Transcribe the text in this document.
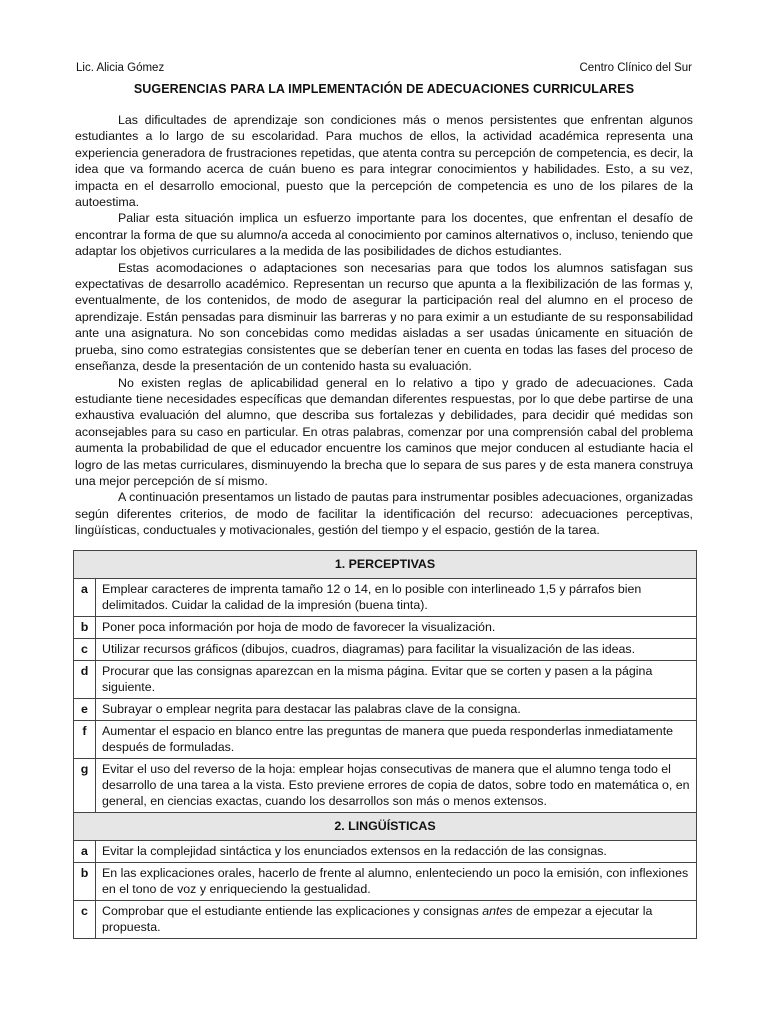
Lic. Alicia Gómez	Centro Clínico del Sur
SUGERENCIAS PARA LA IMPLEMENTACIÓN DE ADECUACIONES CURRICULARES

Las dificultades de aprendizaje son condiciones más o menos persistentes que enfrentan algunos estudiantes a lo largo de su escolaridad. Para muchos de ellos, la actividad académica representa una experiencia generadora de frustraciones repetidas, que atenta contra su percepción de competencia, es decir, la idea que va formando acerca de cuán bueno es para integrar conocimientos y habilidades. Esto, a su vez, impacta en el desarrollo emocional, puesto que la percepción de competencia es uno de los pilares de la autoestima.

Paliar esta situación implica un esfuerzo importante para los docentes, que enfrentan el desafío de encontrar la forma de que su alumno/a acceda al conocimiento por caminos alternativos o, incluso, teniendo que adaptar los objetivos curriculares a la medida de las posibilidades de dichos estudiantes.

Estas acomodaciones o adaptaciones son necesarias para que todos los alumnos satisfagan sus expectativas de desarrollo académico. Representan un recurso que apunta a la flexibilización de las formas y, eventualmente, de los contenidos, de modo de asegurar la participación real del alumno en el proceso de aprendizaje. Están pensadas para disminuir las barreras y no para eximir a un estudiante de su responsabilidad ante una asignatura. No son concebidas como medidas aisladas a ser usadas únicamente en situación de prueba, sino como estrategias consistentes que se deberían tener en cuenta en todas las fases del proceso de enseñanza, desde la presentación de un contenido hasta su evaluación.

No existen reglas de aplicabilidad general en lo relativo a tipo y grado de adecuaciones. Cada estudiante tiene necesidades específicas que demandan diferentes respuestas, por lo que debe partirse de una exhaustiva evaluación del alumno, que describa sus fortalezas y debilidades, para decidir qué medidas son aconsejables para su caso en particular. En otras palabras, comenzar por una comprensión cabal del problema aumenta la probabilidad de que el educador encuentre los caminos que mejor conducen al estudiante hacia el logro de las metas curriculares, disminuyendo la brecha que lo separa de sus pares y de esta manera construya una mejor percepción de sí mismo.

A continuación presentamos un listado de pautas para instrumentar posibles adecuaciones, organizadas según diferentes criterios, de modo de facilitar la identificación del recurso: adecuaciones perceptivas, lingüísticas, conductuales y motivacionales, gestión del tiempo y el espacio, gestión de la tarea.

1. PERCEPTIVAS	
a	Emplear caracteres de imprenta tamaño 12 o 14, en lo posible con interlineado 1,5 y párrafos bien delimitados. Cuidar la calidad de la impresión (buena tinta).
b	Poner poca información por hoja de modo de favorecer la visualización.
c	Utilizar recursos gráficos (dibujos, cuadros, diagramas) para facilitar la visualización de las ideas.
d	Procurar que las consignas aparezcan en la misma página. Evitar que se corten y pasen a la página siguiente.
e	Subrayar o emplear negrita para destacar las palabras clave de la consigna.
f	Aumentar el espacio en blanco entre las preguntas de manera que pueda responderlas inmediatamente después de formuladas.
g	Evitar el uso del reverso de la hoja: emplear hojas consecutivas de manera que el alumno tenga todo el desarrollo de una tarea a la vista. Esto previene errores de copia de datos, sobre todo en matemática o, en general, en ciencias exactas, cuando los desarrollos son más o menos extensos.
2. LINGÜÍSTICAS	
a	Evitar la complejidad sintáctica y los enunciados extensos en la redacción de las consignas.
b	En las explicaciones orales, hacerlo de frente al alumno, enlenteciendo un poco la emisión, con inflexiones en el tono de voz y enriqueciendo la gestualidad.
c	Comprobar que el estudiante entiende las explicaciones y consignas antes de empezar a ejecutar la propuesta.
